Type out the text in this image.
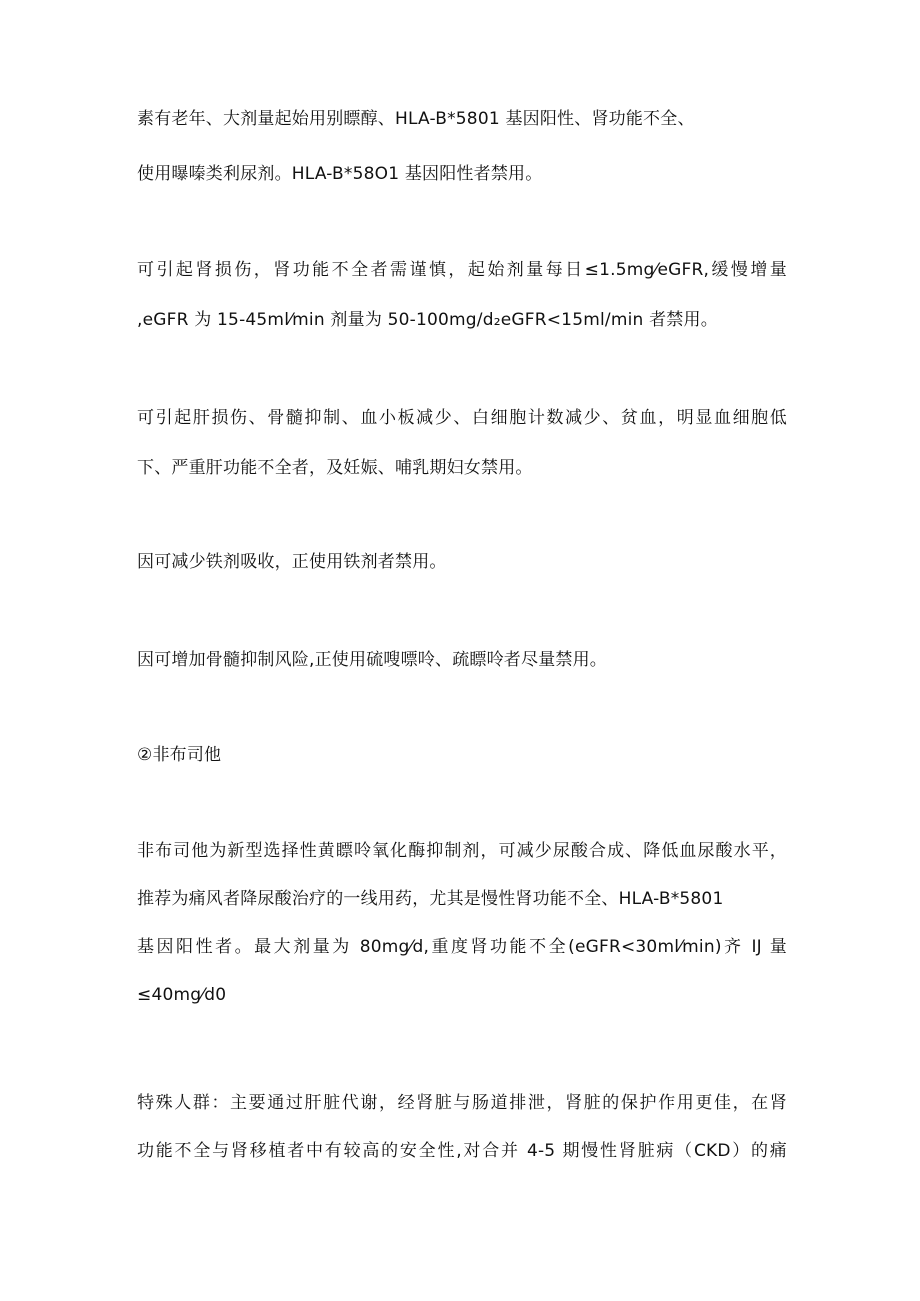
素有老年、大剂量起始用别瞟醇、HLA-B*5801 基因阳性、肾功能不全、
使用曝嗪类利尿剂。HLA-B*58O1 基因阳性者禁用。
可引起肾损伤，肾功能不全者需谨慎，起始剂量每日≤1.5mg⁄eGFR,缓慢增量
,eGFR 为 15-45ml⁄min 剂量为 50-100mg/d₂eGFR<15ml/min 者禁用。
可引起肝损伤、骨髓抑制、血小板减少、白细胞计数减少、贫血，明显血细胞低
下、严重肝功能不全者，及妊娠、哺乳期妇女禁用。
因可减少铁剂吸收，正使用铁剂者禁用。
因可增加骨髓抑制风险,正使用硫嗖嘌呤、疏瞟呤者尽量禁用。
②非布司他
非布司他为新型选择性黄瞟呤氧化酶抑制剂，可减少尿酸合成、降低血尿酸水平，
推荐为痛风者降尿酸治疗的一线用药，尤其是慢性肾功能不全、HLA-B*5801
基因阳性者。最大剂量为 80mg⁄d,重度肾功能不全(eGFR<30ml⁄min)齐 IJ 量
≤40mg⁄d0
特殊人群：主要通过肝脏代谢，经肾脏与肠道排泄，肾脏的保护作用更佳，在肾
功能不全与肾移植者中有较高的安全性,对合并 4-5 期慢性肾脏病（CKD）的痛
